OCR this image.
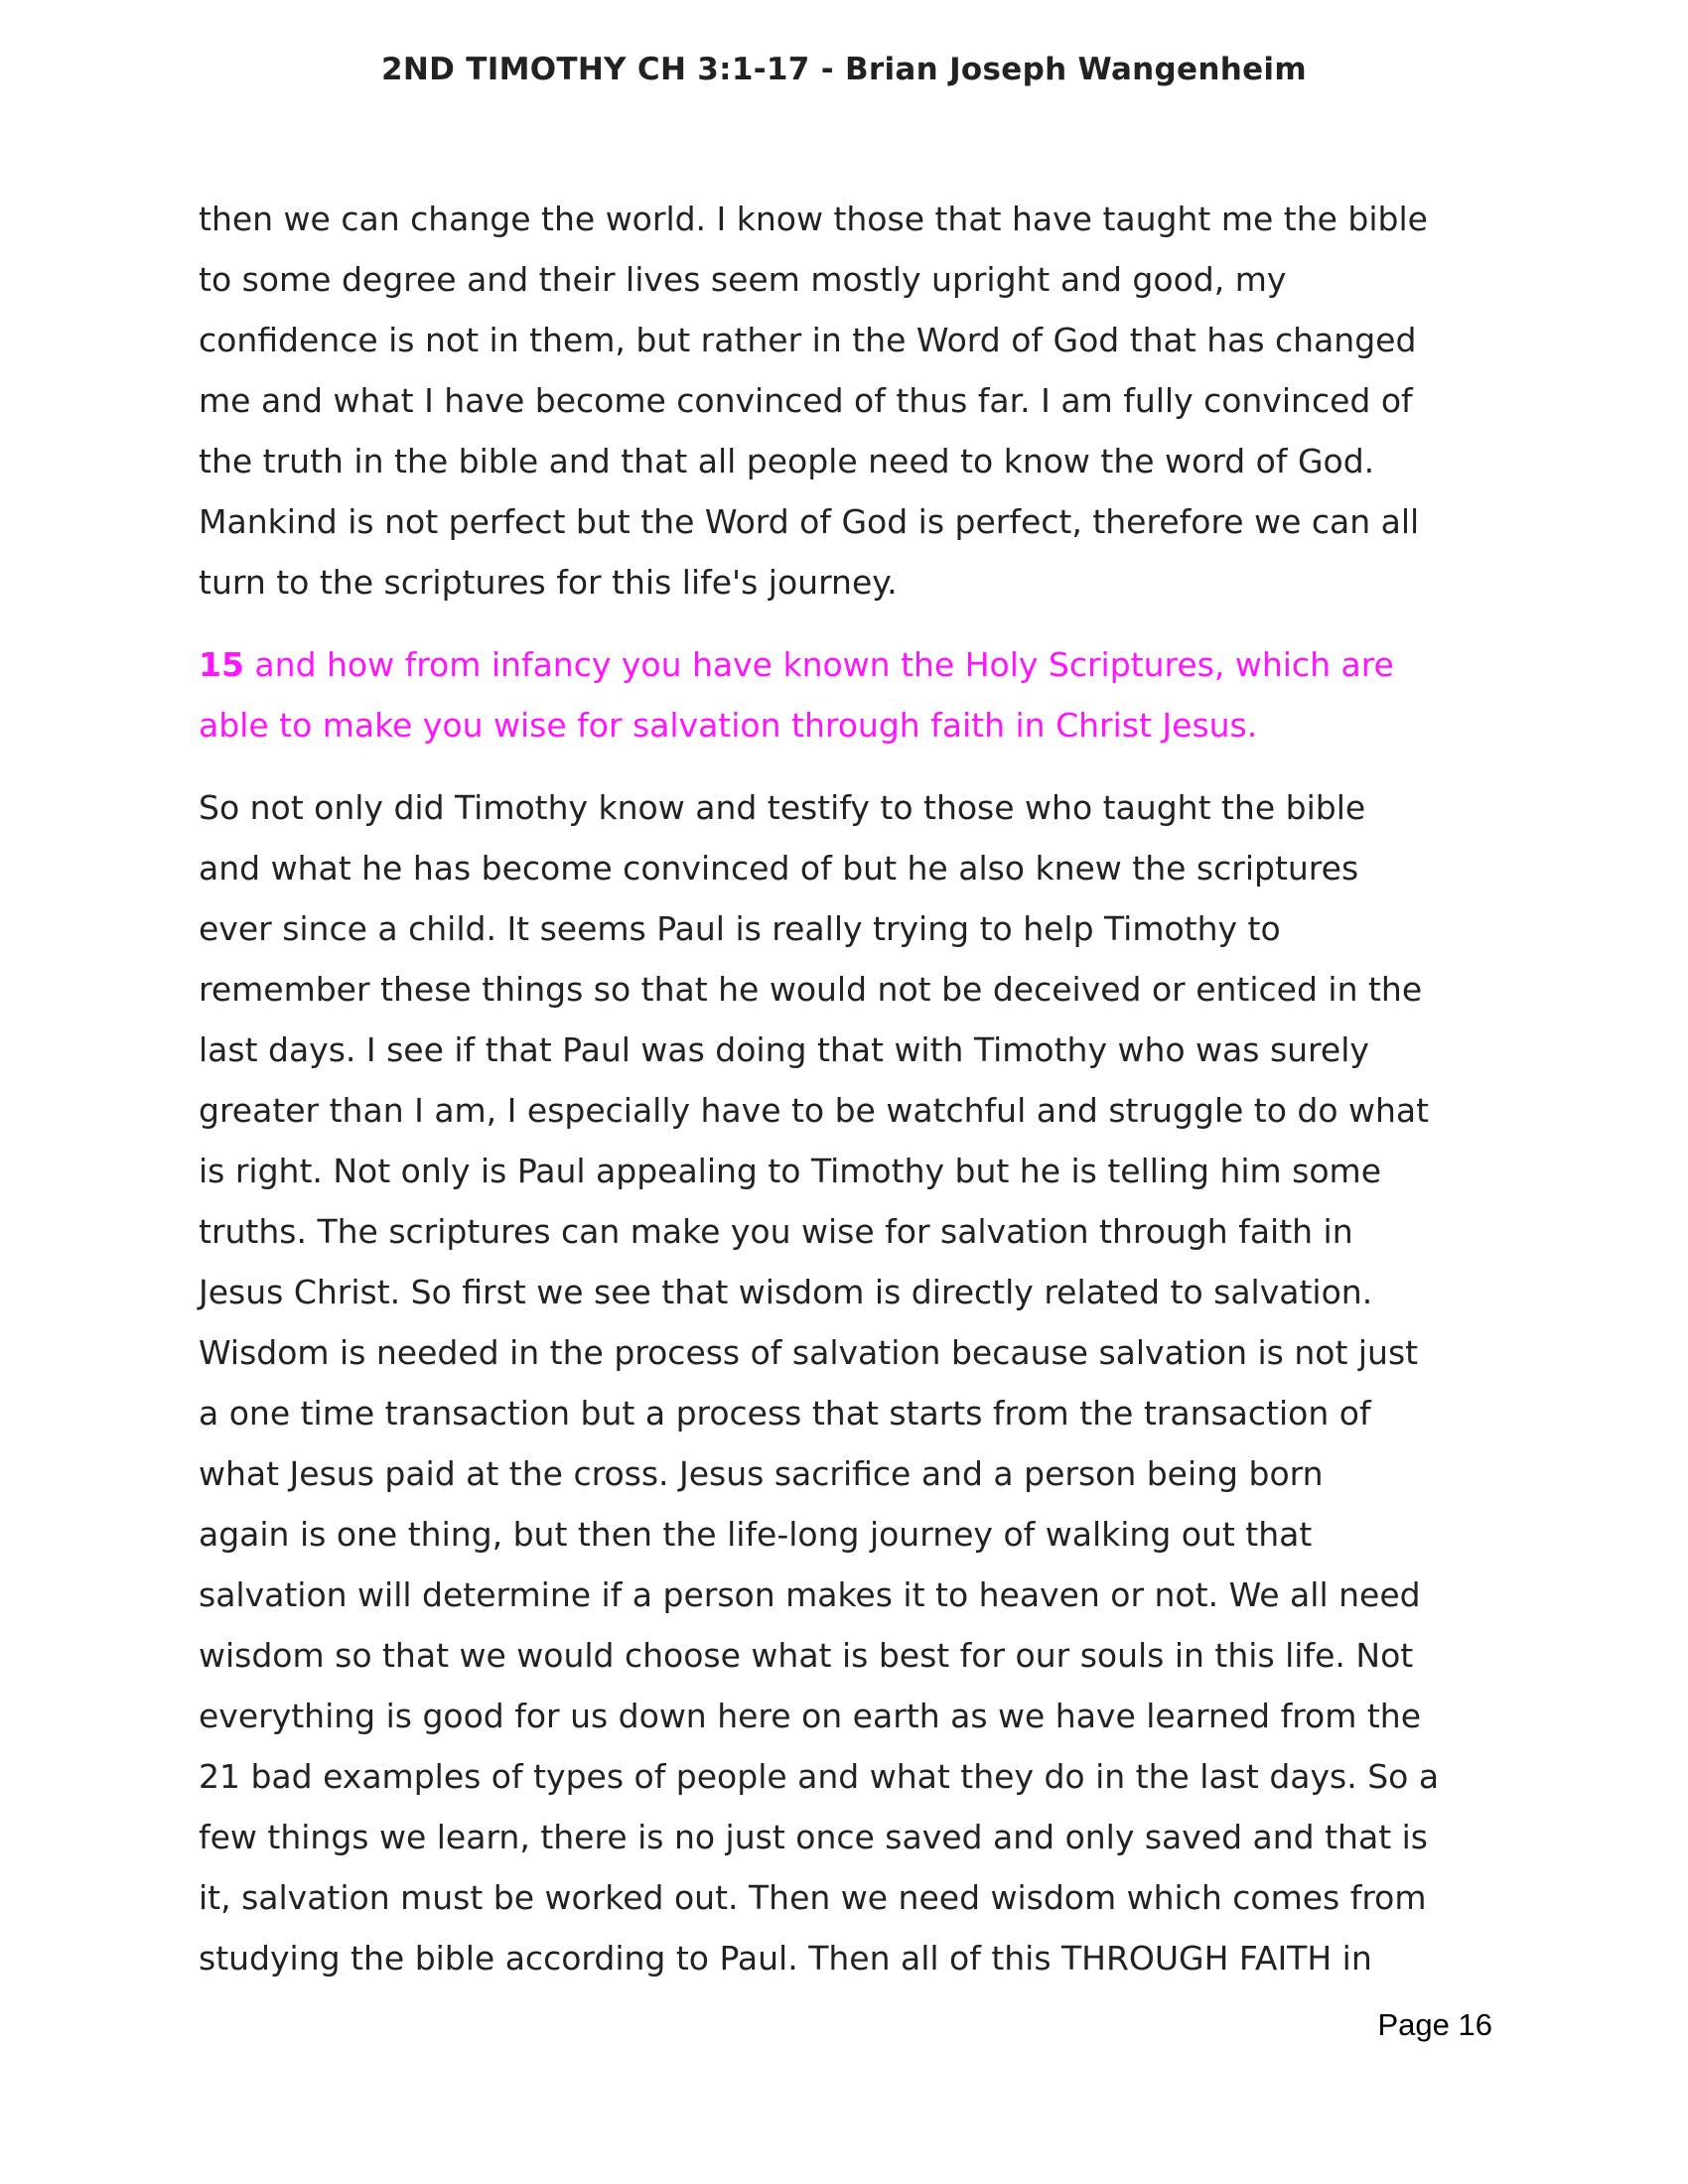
2ND TIMOTHY CH 3:1-17 - Brian Joseph Wangenheim

then we can change the world. I know those that have taught me the bible
to some degree and their lives seem mostly upright and good, my
confidence is not in them, but rather in the Word of God that has changed
me and what I have become convinced of thus far. I am fully convinced of
the truth in the bible and that all people need to know the word of God.
Mankind is not perfect but the Word of God is perfect, therefore we can all
turn to the scriptures for this life's journey.

15 and how from infancy you have known the Holy Scriptures, which are
able to make you wise for salvation through faith in Christ Jesus.

So not only did Timothy know and testify to those who taught the bible
and what he has become convinced of but he also knew the scriptures
ever since a child. It seems Paul is really trying to help Timothy to
remember these things so that he would not be deceived or enticed in the
last days. I see if that Paul was doing that with Timothy who was surely
greater than I am, I especially have to be watchful and struggle to do what
is right. Not only is Paul appealing to Timothy but he is telling him some
truths. The scriptures can make you wise for salvation through faith in
Jesus Christ. So first we see that wisdom is directly related to salvation.
Wisdom is needed in the process of salvation because salvation is not just
a one time transaction but a process that starts from the transaction of
what Jesus paid at the cross. Jesus sacrifice and a person being born
again is one thing, but then the life-long journey of walking out that
salvation will determine if a person makes it to heaven or not. We all need
wisdom so that we would choose what is best for our souls in this life. Not
everything is good for us down here on earth as we have learned from the
21 bad examples of types of people and what they do in the last days. So a
few things we learn, there is no just once saved and only saved and that is
it, salvation must be worked out. Then we need wisdom which comes from
studying the bible according to Paul. Then all of this THROUGH FAITH in

Page 16
